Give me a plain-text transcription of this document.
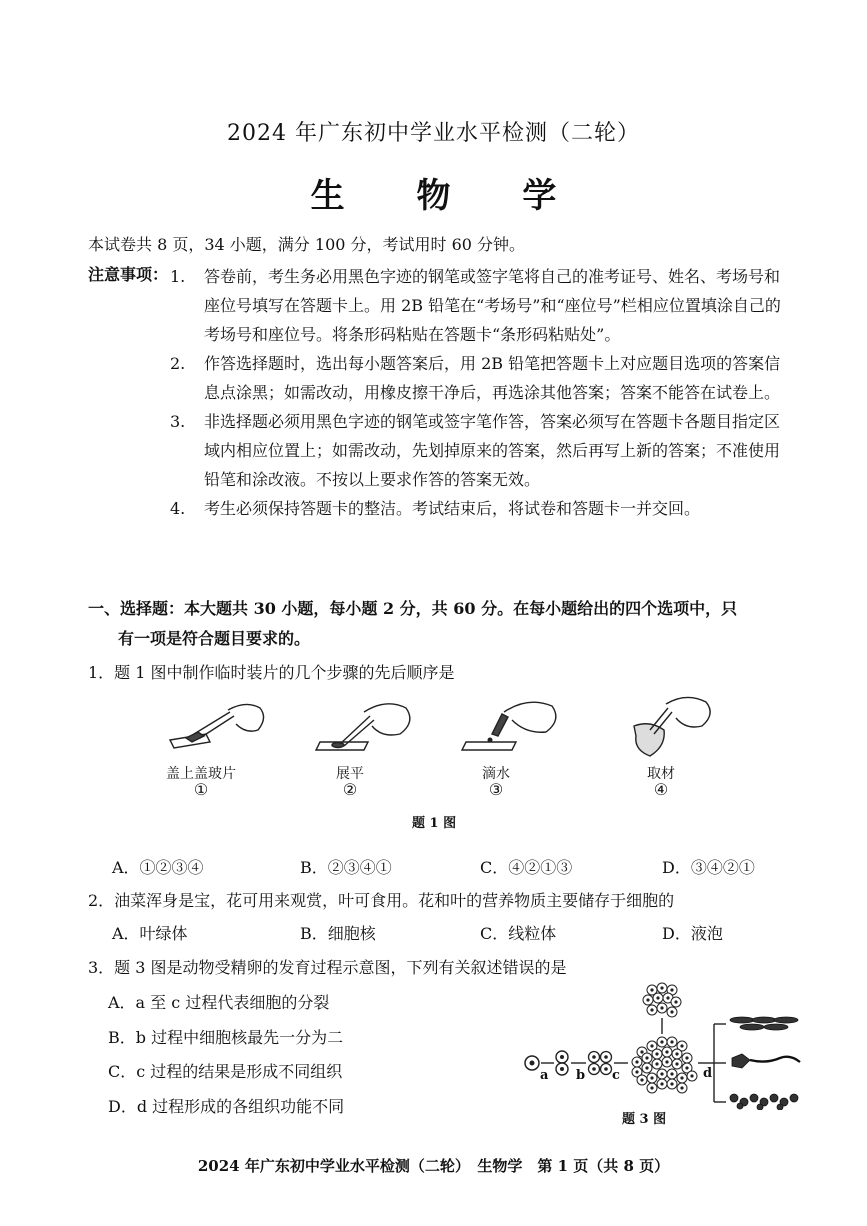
2024 年广东初中学业水平检测（二轮）
生 物 学
本试卷共 8 页，34 小题，满分 100 分，考试用时 60 分钟。
注意事项： 1.	答卷前，考生务必用黑色字迹的钢笔或签字笔将自己的准考证号、姓名、考场号和座位号填写在答题卡上。用 2B 铅笔在“考场号”和“座位号”栏相应位置填涂自己的考场号和座位号。将条形码粘贴在答题卡“条形码粘贴处”。
2.	作答选择题时，选出每小题答案后，用 2B 铅笔把答题卡上对应题目选项的答案信息点涂黑；如需改动，用橡皮擦干净后，再选涂其他答案；答案不能答在试卷上。
3.	非选择题必须用黑色字迹的钢笔或签字笔作答，答案必须写在答题卡各题目指定区域内相应位置上；如需改动，先划掉原来的答案，然后再写上新的答案；不准使用铅笔和涂改液。不按以上要求作答的答案无效。
4.	考生必须保持答题卡的整洁。考试结束后，将试卷和答题卡一并交回。
一、选择题：本大题共 30 小题，每小题 2 分，共 60 分。在每小题给出的四个选项中，只
有一项是符合题目要求的。
1．题 1 图中制作临时装片的几个步骤的先后顺序是
盖上盖玻片	展平	滴水	取材
①	②	③	④
题 1 图
A．①②③④	B．②③④①	C．④②①③	D．③④②①
2．油菜浑身是宝，花可用来观赏，叶可食用。花和叶的营养物质主要储存于细胞的
A．叶绿体	B．细胞核	C．线粒体	D．液泡
3．题 3 图是动物受精卵的发育过程示意图，下列有关叙述错误的是
A．a 至 c 过程代表细胞的分裂
B．b 过程中细胞核最先一分为二
C．c 过程的结果是形成不同组织
D．d 过程形成的各组织功能不同
a b c	d
题 3 图
2024 年广东初中学业水平检测（二轮）　生物学　第 1 页（共 8 页）
